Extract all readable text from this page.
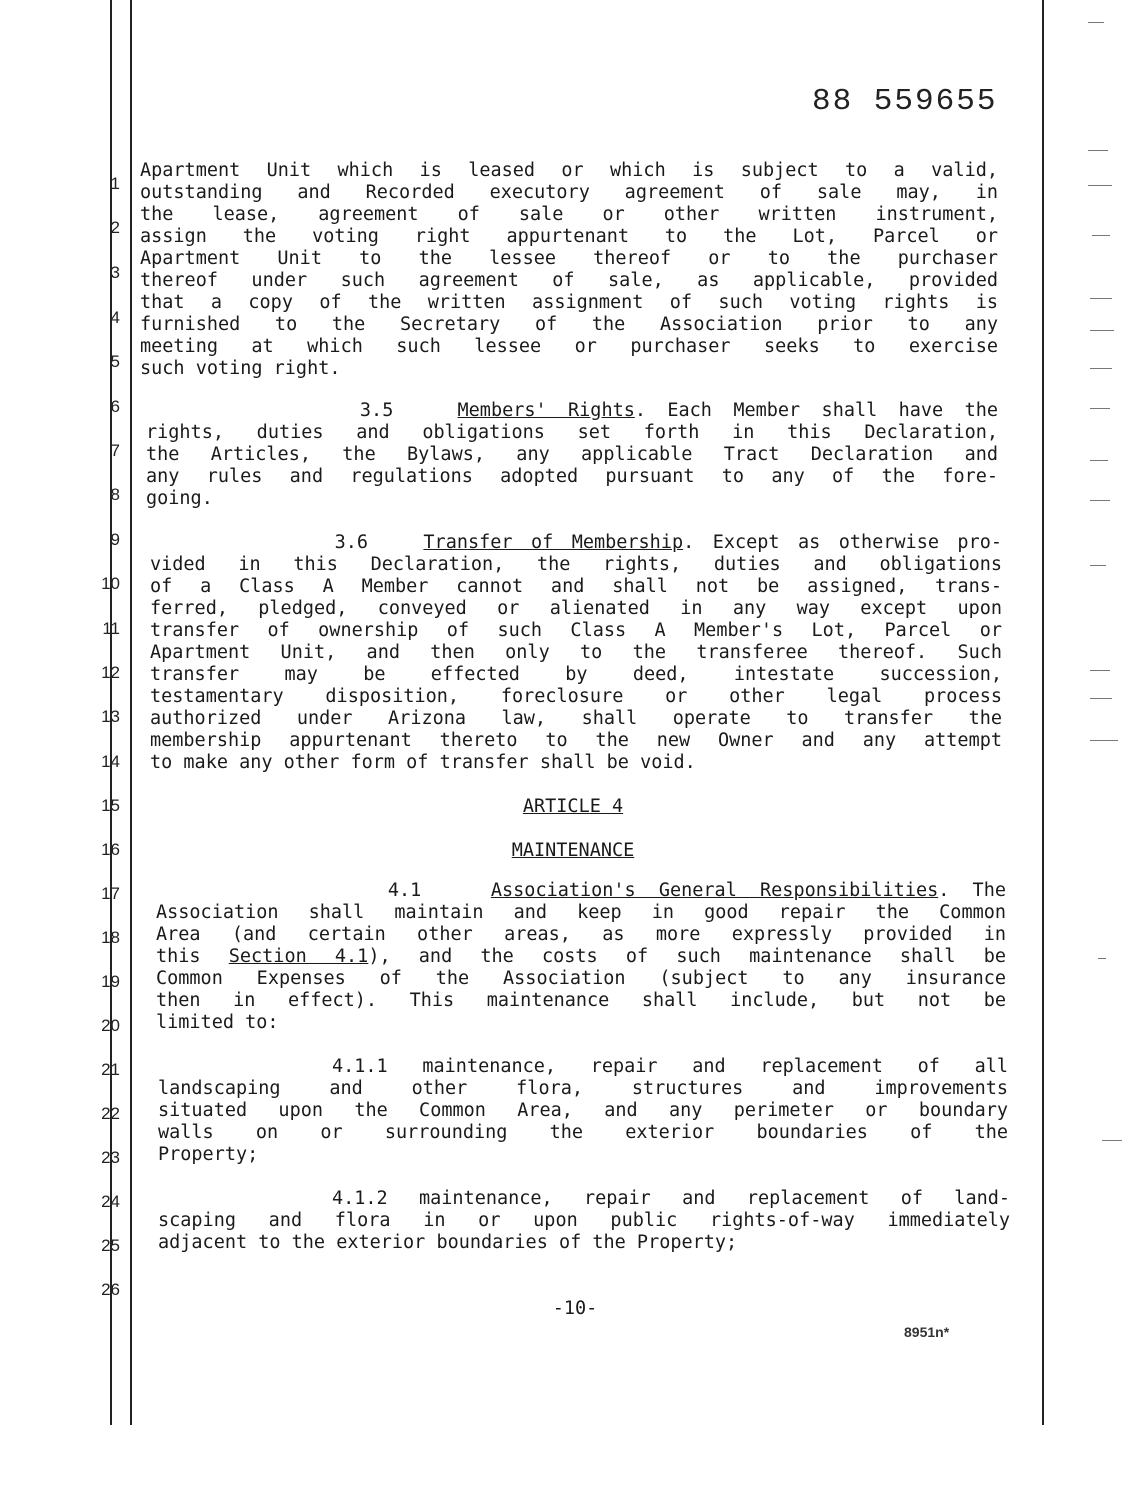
88 559655
1
2
3
4
5
6
7
8
9
10
11
12
13
14
15
16
17
18
19
20
21
22
23
24
25
26
Apartment Unit which is leased or which is subject to a valid,
outstanding and Recorded executory agreement of sale may, in
the lease, agreement of sale or other written instrument,
assign the voting right appurtenant to the Lot, Parcel or
Apartment Unit to the lessee thereof or to the purchaser
thereof under such agreement of sale, as applicable, provided
that a copy of the written assignment of such voting rights is
furnished to the Secretary of the Association prior to any
meeting at which such lessee or purchaser seeks to exercise
such voting right.
3.5	Members' Rights. Each Member shall have the
rights, duties and obligations set forth in this Declaration,
the Articles, the Bylaws, any applicable Tract Declaration and
any rules and regulations adopted pursuant to any of the fore-
going.
3.6	Transfer of Membership. Except as otherwise pro-
vided in this Declaration, the rights, duties and obligations
of a Class A Member cannot and shall not be assigned, trans-
ferred, pledged, conveyed or alienated in any way except upon
transfer of ownership of such Class A Member's Lot, Parcel or
Apartment Unit, and then only to the transferee thereof. Such
transfer may be effected by deed, intestate succession,
testamentary disposition, foreclosure or other legal process
authorized under Arizona law, shall operate to transfer the
membership appurtenant thereto to the new Owner and any attempt
to make any other form of transfer shall be void.
ARTICLE 4
MAINTENANCE
4.1	Association's General Responsibilities. The
Association shall maintain and keep in good repair the Common
Area (and certain other areas, as more expressly provided in
this Section 4.1), and the costs of such maintenance shall be
Common Expenses of the Association (subject to any insurance
then in effect). This maintenance shall include, but not be
limited to:
4.1.1 maintenance, repair and replacement of all
landscaping and other flora, structures and improvements
situated upon the Common Area, and any perimeter or boundary
walls on or surrounding the exterior boundaries of the
Property;
4.1.2 maintenance, repair and replacement of land-
scaping and flora in or upon public rights-of-way immediately
adjacent to the exterior boundaries of the Property;
-10-
8951n*
